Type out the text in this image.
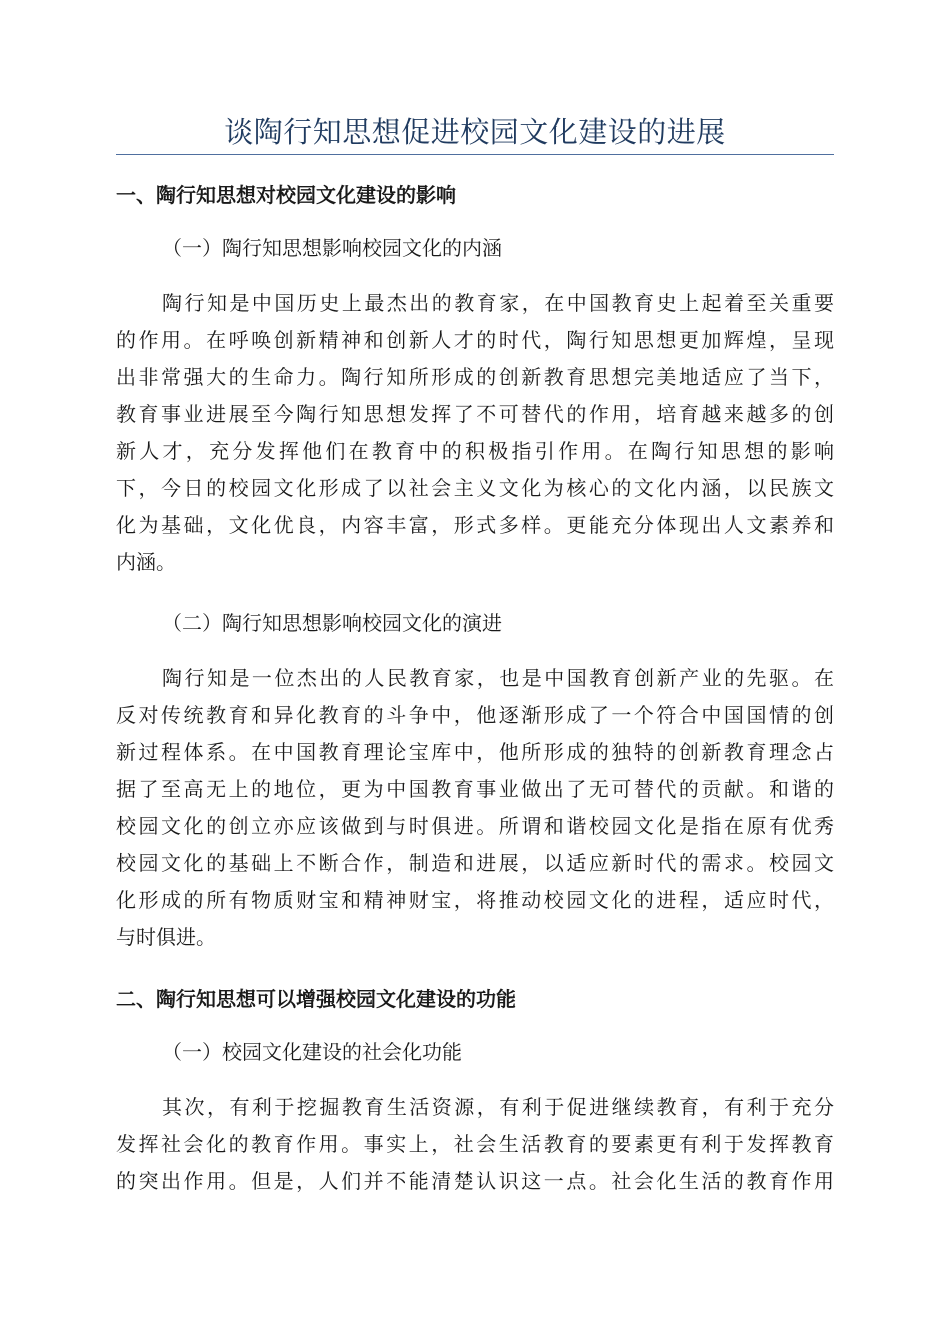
谈陶行知思想促进校园文化建设的进展
一、陶行知思想对校园文化建设的影响
（一）陶行知思想影响校园文化的内涵
陶行知是中国历史上最杰出的教育家，在中国教育史上起着至关重要
的作用。在呼唤创新精神和创新人才的时代，陶行知思想更加辉煌，呈现
出非常强大的生命力。陶行知所形成的创新教育思想完美地适应了当下，
教育事业进展至今陶行知思想发挥了不可替代的作用，培育越来越多的创
新人才，充分发挥他们在教育中的积极指引作用。在陶行知思想的影响
下，今日的校园文化形成了以社会主义文化为核心的文化内涵，以民族文
化为基础，文化优良，内容丰富，形式多样。更能充分体现出人文素养和
内涵。
（二）陶行知思想影响校园文化的演进
陶行知是一位杰出的人民教育家，也是中国教育创新产业的先驱。在
反对传统教育和异化教育的斗争中，他逐渐形成了一个符合中国国情的创
新过程体系。在中国教育理论宝库中，他所形成的独特的创新教育理念占
据了至高无上的地位，更为中国教育事业做出了无可替代的贡献。和谐的
校园文化的创立亦应该做到与时俱进。所谓和谐校园文化是指在原有优秀
校园文化的基础上不断合作，制造和进展，以适应新时代的需求。校园文
化形成的所有物质财宝和精神财宝，将推动校园文化的进程，适应时代，
与时俱进。
二、陶行知思想可以增强校园文化建设的功能
（一）校园文化建设的社会化功能
其次，有利于挖掘教育生活资源，有利于促进继续教育，有利于充分
发挥社会化的教育作用。事实上，社会生活教育的要素更有利于发挥教育
的突出作用。但是，人们并不能清楚认识这一点。社会化生活的教育作用
